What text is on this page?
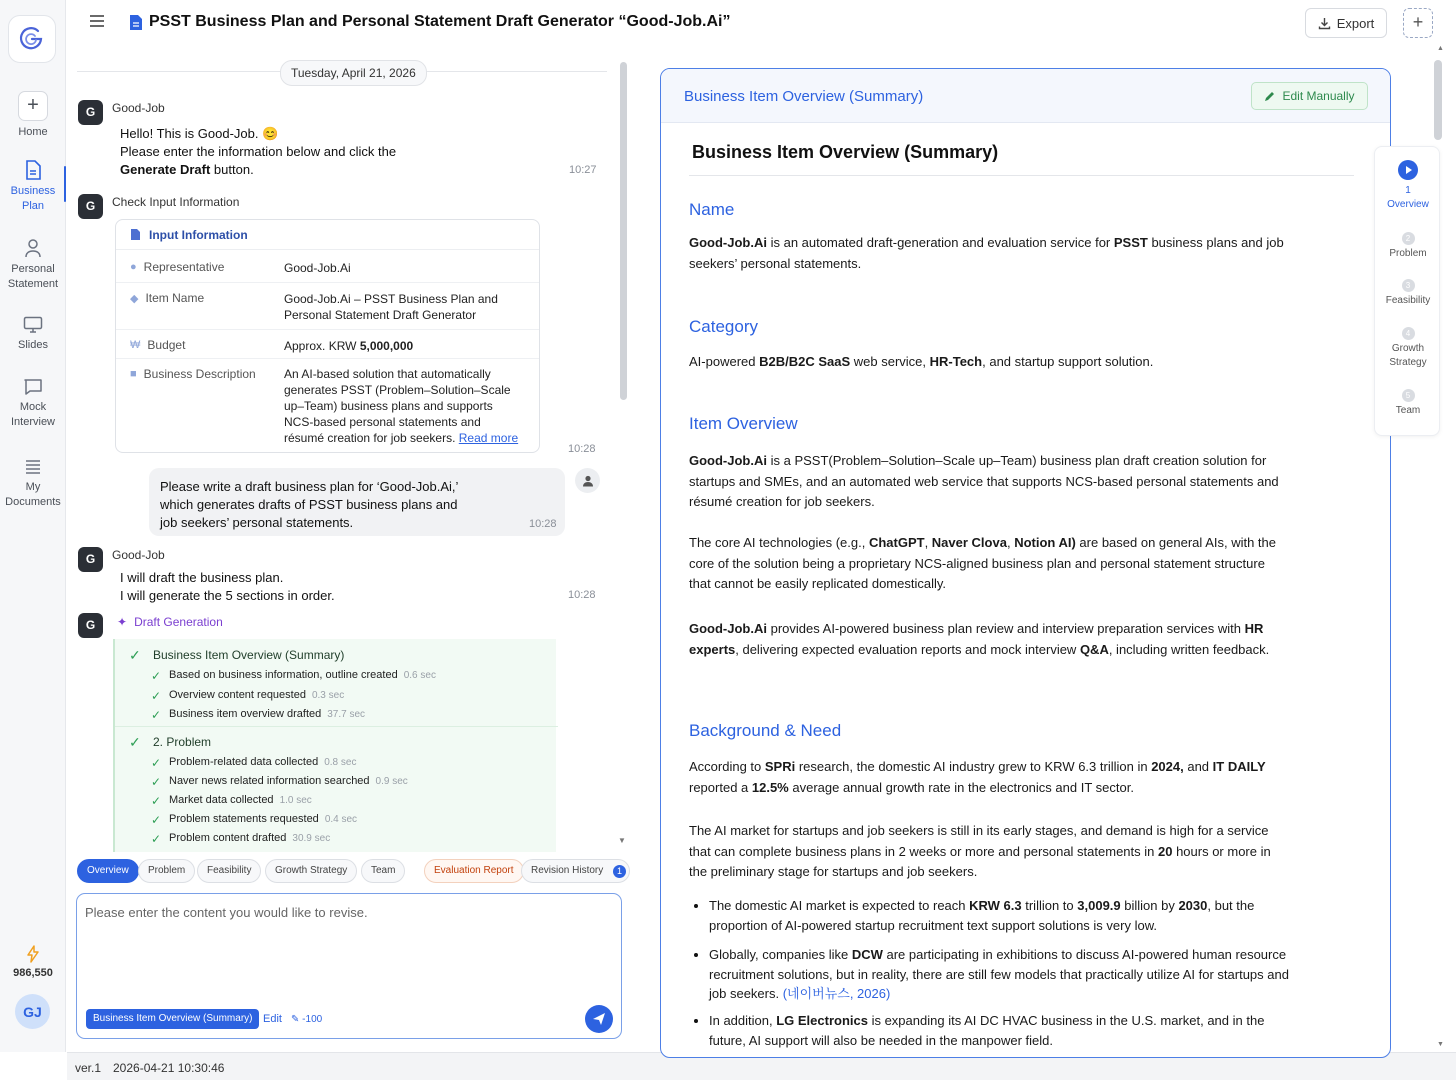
+
Home
Business Plan
Personal Statement
Slides
Mock Interview
My Documents
986,550
GJ
PSST Business Plan and Personal Statement Draft Generator “Good-Job.Ai”	Export	+
Tuesday, April 21, 2026
G	Good-Job
Hello! This is Good-Job. 😊
Please enter the information below and click the
Generate Draft button.	10:27
G	Check Input Information
Input Information
● Representative	Good-Job.Ai
◆ Item Name	Good-Job.Ai – PSST Business Plan and
Personal Statement Draft Generator
₩ Budget	Approx. KRW 5,000,000
■ Business Description An AI-based solution that automatically
generates PSST (Problem–Solution–Scale
up–Team) business plans and supports
NCS-based personal statements and
résumé creation for job seekers. Read more
10:28
Please write a draft business plan for ‘Good-Job.Ai,’
which generates drafts of PSST business plans and
job seekers’ personal statements.	10:28
G	Good-Job
I will draft the business plan.
I will generate the 5 sections in order.	10:28
G	✦ Draft Generation
✓ Business Item Overview (Summary)
✓ Based on business information, outline created 0.6 sec
✓ Overview content requested 0.3 sec
✓ Business item overview drafted 37.7 sec
✓ 2. Problem
✓ Problem-related data collected 0.8 sec
✓ Naver news related information searched 0.9 sec
✓ Market data collected 1.0 sec
✓ Problem statements requested 0.4 sec
✓ Problem content drafted 30.9 sec	▼
Overview	Problem	Feasibility	Growth Strategy	Team	Evaluation Report	Revision History	1
Please enter the content you would like to revise.
Business Item Overview (Summary) Edit ✎ -100
ver.1 2026-04-21 10:30:46
Business Item Overview (Summary)	Edit Manually
Business Item Overview (Summary)
Name
Good-Job.Ai is an automated draft-generation and evaluation service for PSST business plans and job seekers’ personal statements.
Category
AI-powered B2B/B2C SaaS web service, HR-Tech, and startup support solution.
Item Overview
Good-Job.Ai is a PSST(Problem–Solution–Scale up–Team) business plan draft creation solution for startups and SMEs, and an automated web service that supports NCS-based personal statements and résumé creation for job seekers.
The core AI technologies (e.g., ChatGPT, Naver Clova, Notion AI) are based on general AIs, with the core of the solution being a proprietary NCS-aligned business plan and personal statement structure that cannot be easily replicated domestically.
Good-Job.Ai provides AI-powered business plan review and interview preparation services with HR experts, delivering expected evaluation reports and mock interview Q&A, including written feedback.
Background & Need
According to SPRi research, the domestic AI industry grew to KRW 6.3 trillion in 2024, and IT DAILY reported a 12.5% average annual growth rate in the electronics and IT sector.
The AI market for startups and job seekers is still in its early stages, and demand is high for a service that can complete business plans in 2 weeks or more and personal statements in 20 hours or more in the preliminary stage for startups and job seekers.
The domestic AI market is expected to reach KRW 6.3 trillion to 3,009.9 billion by 2030, but the proportion of AI-powered startup recruitment text support solutions is very low.
Globally, companies like DCW are participating in exhibitions to discuss AI-powered human resource recruitment solutions, but in reality, there are still few models that practically utilize AI for startups and job seekers. (네이버뉴스, 2026)
In addition, LG Electronics is expanding its AI DC HVAC business in the U.S. market, and in the future, AI support will also be needed in the manpower field.
▲
▼
1
Overview
2
Problem
3
Feasibility
4
Growth Strategy
5
Team
